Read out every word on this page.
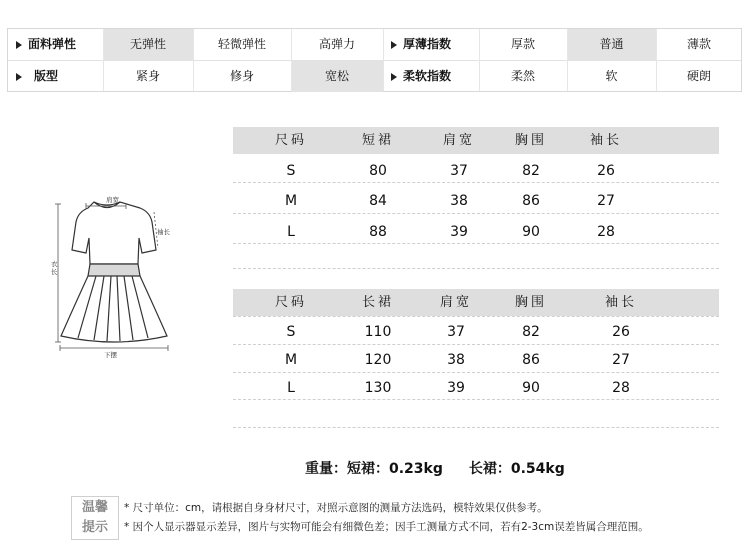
面料弹性	无弹性	轻微弹性	高弹力	厚薄指数	厚款	普通	薄款
版型	紧身	修身	宽松	柔软指数	柔然	软	硬朗
肩宽
袖长
衣
长
下摆
尺码	短裙	肩宽	胸围	袖长
S	80	37	82	26
M	84	38	86	27
L	88	39	90	28
尺码	长裙	肩宽	胸围	袖长
S	110	37	82	26
M	120	38	86	27
L	130	39	90	28
重量：短裙：0.23kg 长裙：0.54kg
温馨
提示
* 尺寸单位：cm，请根据自身身材尺寸，对照示意图的测量方法选码，模特效果仅供参考。
* 因个人显示器显示差异，图片与实物可能会有细微色差；因手工测量方式不同，若有2-3cm误差皆属合理范围。
